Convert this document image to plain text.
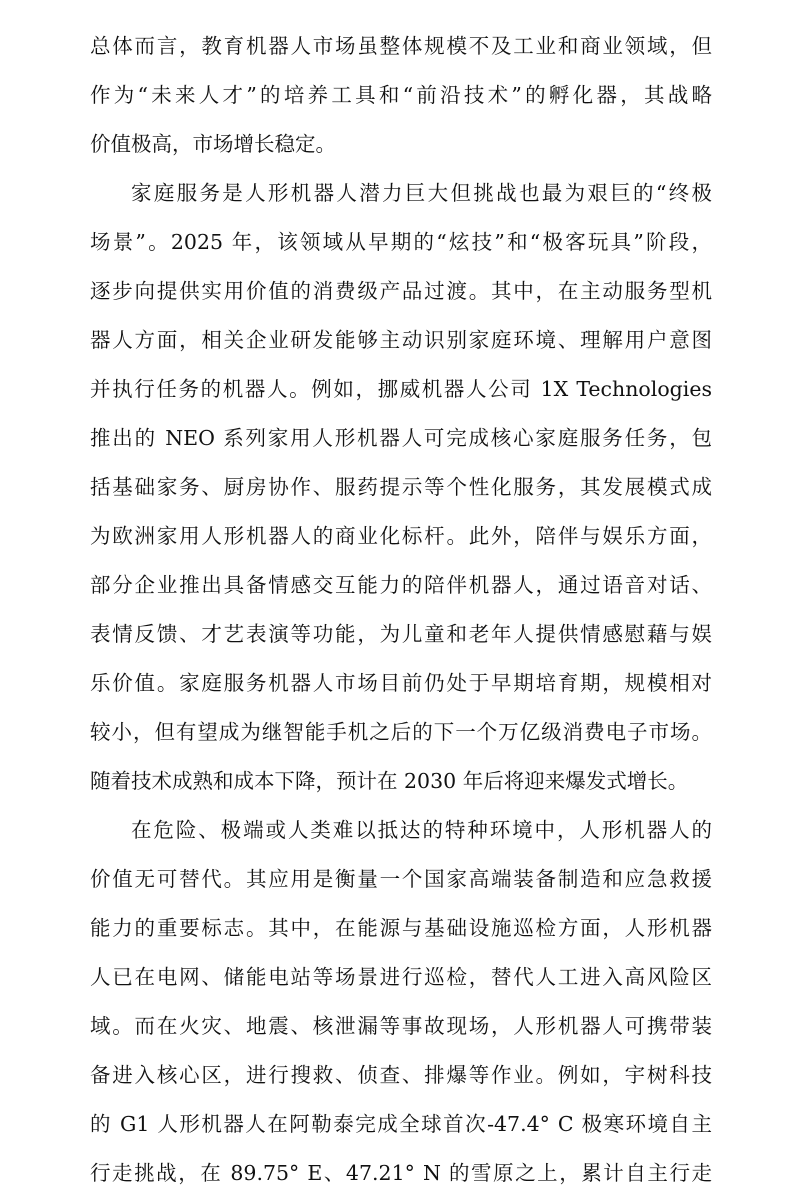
总体而言，教育机器人市场虽整体规模不及工业和商业领域，但

作为“未来人才”的培养工具和“前沿技术”的孵化器，其战略

价值极高，市场增长稳定。

家庭服务是人形机器人潜力巨大但挑战也最为艰巨的“终极

场景”。2025 年，该领域从早期的“炫技”和“极客玩具”阶段，

逐步向提供实用价值的消费级产品过渡。其中，在主动服务型机

器人方面，相关企业研发能够主动识别家庭环境、理解用户意图

并执行任务的机器人。例如，挪威机器人公司 1X Technologies

推出的 NEO 系列家用人形机器人可完成核心家庭服务任务，包

括基础家务、厨房协作、服药提示等个性化服务，其发展模式成

为欧洲家用人形机器人的商业化标杆。此外，陪伴与娱乐方面，

部分企业推出具备情感交互能力的陪伴机器人，通过语音对话、

表情反馈、才艺表演等功能，为儿童和老年人提供情感慰藉与娱

乐价值。家庭服务机器人市场目前仍处于早期培育期，规模相对

较小，但有望成为继智能手机之后的下一个万亿级消费电子市场。

随着技术成熟和成本下降，预计在 2030 年后将迎来爆发式增长。

在危险、极端或人类难以抵达的特种环境中，人形机器人的

价值无可替代。其应用是衡量一个国家高端装备制造和应急救援

能力的重要标志。其中，在能源与基础设施巡检方面，人形机器

人已在电网、储能电站等场景进行巡检，替代人工进入高风险区

域。而在火灾、地震、核泄漏等事故现场，人形机器人可携带装

备进入核心区，进行搜救、侦查、排爆等作业。例如，宇树科技

的 G1 人形机器人在阿勒泰完成全球首次-47.4° C 极寒环境自主

行走挑战，在 89.75° E、47.21° N 的雪原之上，累计自主行走
